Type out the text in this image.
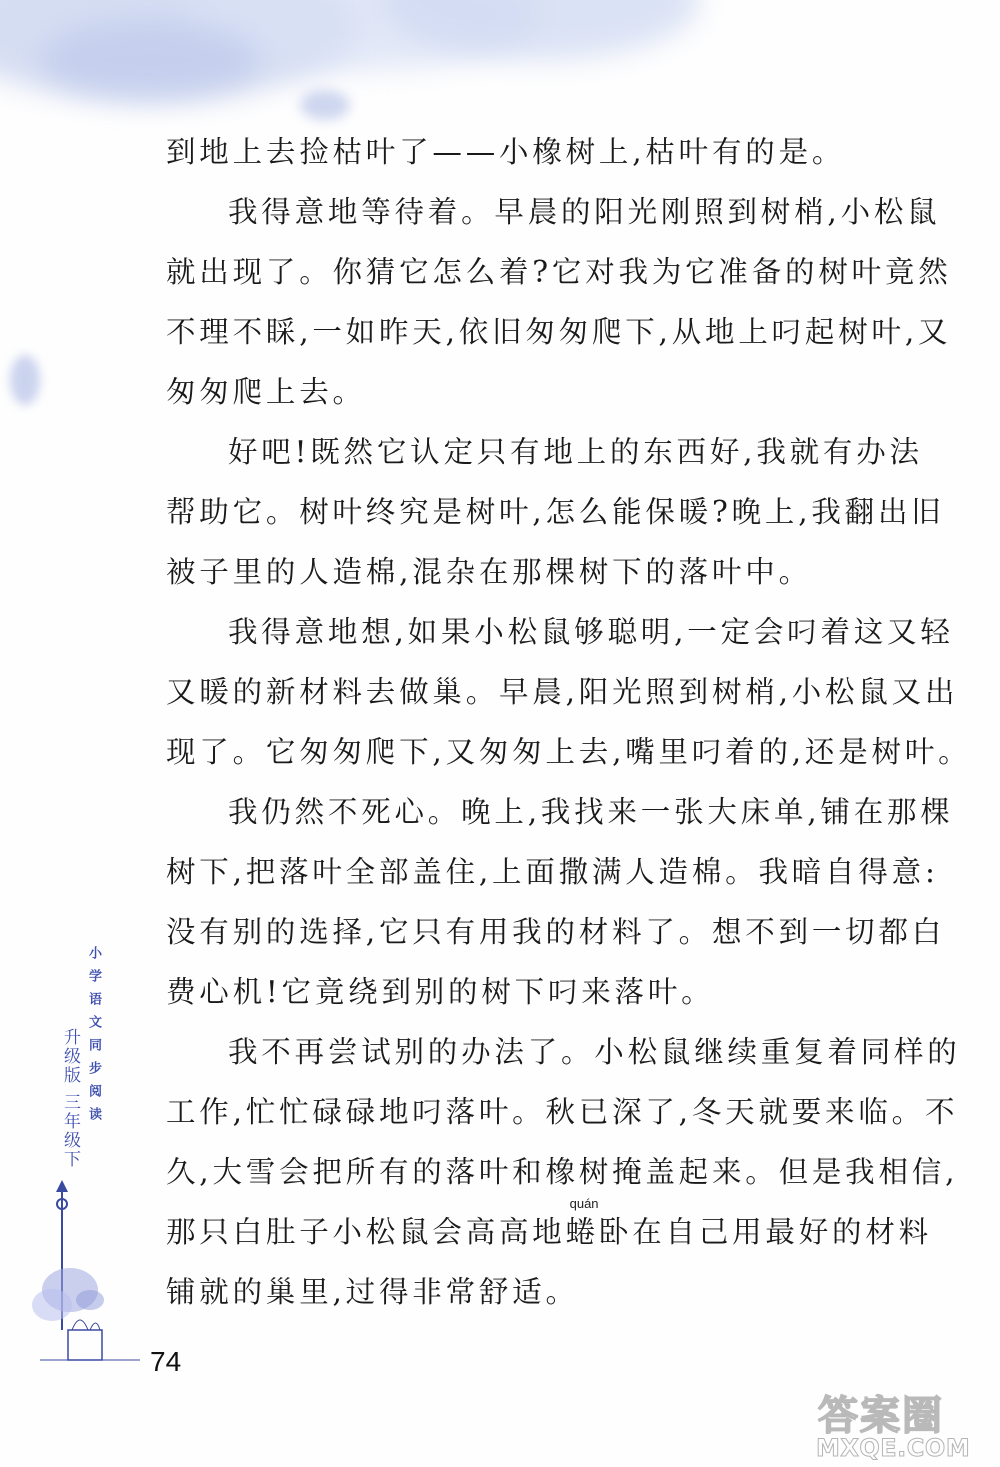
到地上去捡枯叶了——小橡树上,枯叶有的是。
我得意地等待着。早晨的阳光刚照到树梢,小松鼠
就出现了。你猜它怎么着?它对我为它准备的树叶竟然
不理不睬,一如昨天,依旧匆匆爬下,从地上叼起树叶,又
匆匆爬上去。
好吧!既然它认定只有地上的东西好,我就有办法
帮助它。树叶终究是树叶,怎么能保暖?晚上,我翻出旧
被子里的人造棉,混杂在那棵树下的落叶中。
我得意地想,如果小松鼠够聪明,一定会叼着这又轻
又暖的新材料去做巢。早晨,阳光照到树梢,小松鼠又出
现了。它匆匆爬下,又匆匆上去,嘴里叼着的,还是树叶。
我仍然不死心。晚上,我找来一张大床单,铺在那棵
树下,把落叶全部盖住,上面撒满人造棉。我暗自得意:
没有别的选择,它只有用我的材料了。想不到一切都白
费心机!它竟绕到别的树下叼来落叶。
我不再尝试别的办法了。小松鼠继续重复着同样的
工作,忙忙碌碌地叼落叶。秋已深了,冬天就要来临。不
久,大雪会把所有的落叶和橡树掩盖起来。但是我相信,
那只白肚子小松鼠会高高地
quán
蜷卧在自己用最好的材料
铺就的巢里,过得非常舒适。
小学语文同步阅读
升级版三年级下
74
答案圈
MXQE.COM
